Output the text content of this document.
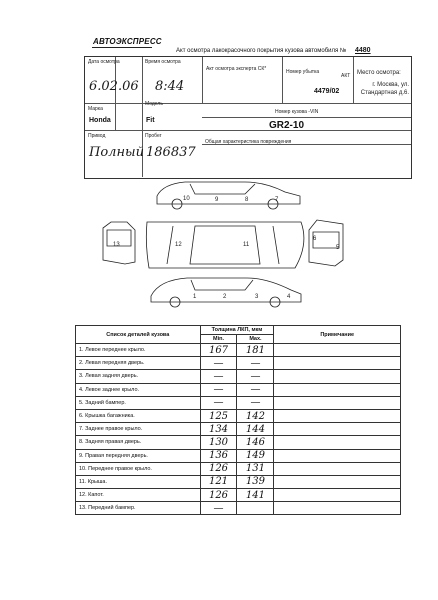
АВТОЭКСПРЕСС
Акт осмотра лакокрасочного покрытия кузова автомобиля № 4480
Дата осмотра
6.02.06
Время осмотра
8:44
Акт осмотра эксперта СК*	Номер убытка
АКТ
4479/02
Место осмотра:
г. Москва, ул. Стандартная д.6.
Марка
Honda
Модель
Fit
Номер кузова -VIN
GR2-10
Привод
Полный
Пробег
186837
Общая характеристика повреждения
7
8
9
10
13	12	11	5
1	2	3	4
6
Список деталей кузова	Толщина ЛКП, мкм		Примечание
	Min.	Max.	
1. Левое переднее крыло.	167	181	
2. Левая передняя дверь.	—	—	
3. Левая задняя дверь.	—	—	
4. Левое заднее крыло.	—	—	
5. Задний бампер.	—	—	
6. Крышка багажника.	125	142	
7. Заднее правое крыло.	134	144	
8. Задняя правая дверь.	130	146	
9. Правая передняя дверь.	136	149	
10. Переднее правое крыло.	126	131	
11. Крыша.	121	139	
12. Капот.	126	141	
13. Передний бампер.	—		
